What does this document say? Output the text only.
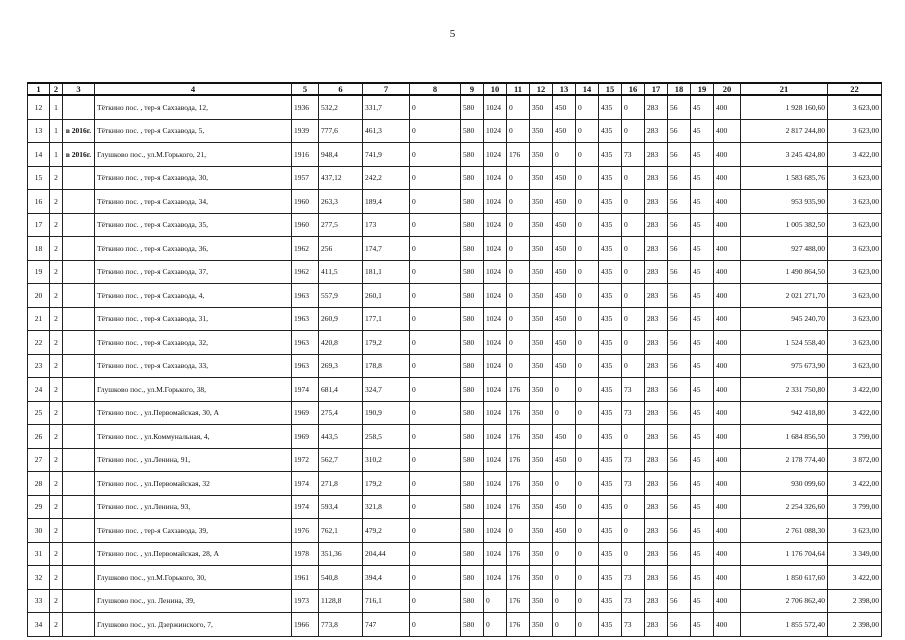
5
1	2	3	4	5	6	7	8	9	10	11	12	13	14	15	16	17	18	19	20	21	22
12	1		Тёткино пос. , тер-я Сахзавода, 12,	1936	532,2	331,7	0	580	1024	0	350	450	0	435	0	283	56	45	400	1 928 160,60	3 623,00
13	1	в 2016г.	Тёткино пос. , тер-я Сахзавода, 5,	1939	777,6	461,3	0	580	1024	0	350	450	0	435	0	283	56	45	400	2 817 244,80	3 623,00
14	1	в 2016г.	Глушково пос., ул.М.Горького, 21,	1916	948,4	741,9	0	580	1024	176	350	0	0	435	73	283	56	45	400	3 245 424,80	3 422,00
15	2		Тёткино пос. , тер-я Сахзавода, 30,	1957	437,12	242,2	0	580	1024	0	350	450	0	435	0	283	56	45	400	1 583 685,76	3 623,00
16	2		Тёткино пос. , тер-я Сахзавода, 34,	1960	263,3	189,4	0	580	1024	0	350	450	0	435	0	283	56	45	400	953 935,90	3 623,00
17	2		Тёткино пос. , тер-я Сахзавода, 35,	1960	277,5	173	0	580	1024	0	350	450	0	435	0	283	56	45	400	1 005 382,50	3 623,00
18	2		Тёткино пос. , тер-я Сахзавода, 36,	1962	256	174,7	0	580	1024	0	350	450	0	435	0	283	56	45	400	927 488,00	3 623,00
19	2		Тёткино пос. , тер-я Сахзавода, 37,	1962	411,5	181,1	0	580	1024	0	350	450	0	435	0	283	56	45	400	1 490 864,50	3 623,00
20	2		Тёткино пос. , тер-я Сахзавода, 4,	1963	557,9	260,1	0	580	1024	0	350	450	0	435	0	283	56	45	400	2 021 271,70	3 623,00
21	2		Тёткино пос. , тер-я Сахзавода, 31,	1963	260,9	177,1	0	580	1024	0	350	450	0	435	0	283	56	45	400	945 240,70	3 623,00
22	2		Тёткино пос. , тер-я Сахзавода, 32,	1963	420,8	179,2	0	580	1024	0	350	450	0	435	0	283	56	45	400	1 524 558,40	3 623,00
23	2		Тёткино пос. , тер-я Сахзавода, 33,	1963	269,3	178,8	0	580	1024	0	350	450	0	435	0	283	56	45	400	975 673,90	3 623,00
24	2		Глушково пос., ул.М.Горького, 38,	1974	681,4	324,7	0	580	1024	176	350	0	0	435	73	283	56	45	400	2 331 750,80	3 422,00
25	2		Тёткино пос. , ул.Первомайская, 30, А	1969	275,4	190,9	0	580	1024	176	350	0	0	435	73	283	56	45	400	942 418,80	3 422,00
26	2		Тёткино пос. , ул.Коммунальная, 4,	1969	443,5	258,5	0	580	1024	176	350	450	0	435	0	283	56	45	400	1 684 856,50	3 799,00
27	2		Тёткино пос. , ул.Ленина, 91,	1972	562,7	310,2	0	580	1024	176	350	450	0	435	73	283	56	45	400	2 178 774,40	3 872,00
28	2		Тёткино пос. , ул.Первомайская, 32	1974	271,8	179,2	0	580	1024	176	350	0	0	435	73	283	56	45	400	930 099,60	3 422,00
29	2		Тёткино пос. , ул.Ленина, 93,	1974	593,4	321,8	0	580	1024	176	350	450	0	435	0	283	56	45	400	2 254 326,60	3 799,00
30	2		Тёткино пос. , тер-я Сахзавода, 39,	1976	762,1	479,2	0	580	1024	0	350	450	0	435	0	283	56	45	400	2 761 088,30	3 623,00
31	2		Тёткино пос. , ул.Первомайская, 28, А	1978	351,36	204,44	0	580	1024	176	350	0	0	435	0	283	56	45	400	1 176 704,64	3 349,00
32	2		Глушково пос., ул.М.Горького, 30,	1961	540,8	394,4	0	580	1024	176	350	0	0	435	73	283	56	45	400	1 850 617,60	3 422,00
33	2		Глушково пос., ул. Ленина, 39,	1973	1128,8	716,1	0	580	0	176	350	0	0	435	73	283	56	45	400	2 706 862,40	2 398,00
34	2		Глушково пос., ул. Дзержинского, 7,	1966	773,8	747	0	580	0	176	350	0	0	435	73	283	56	45	400	1 855 572,40	2 398,00
